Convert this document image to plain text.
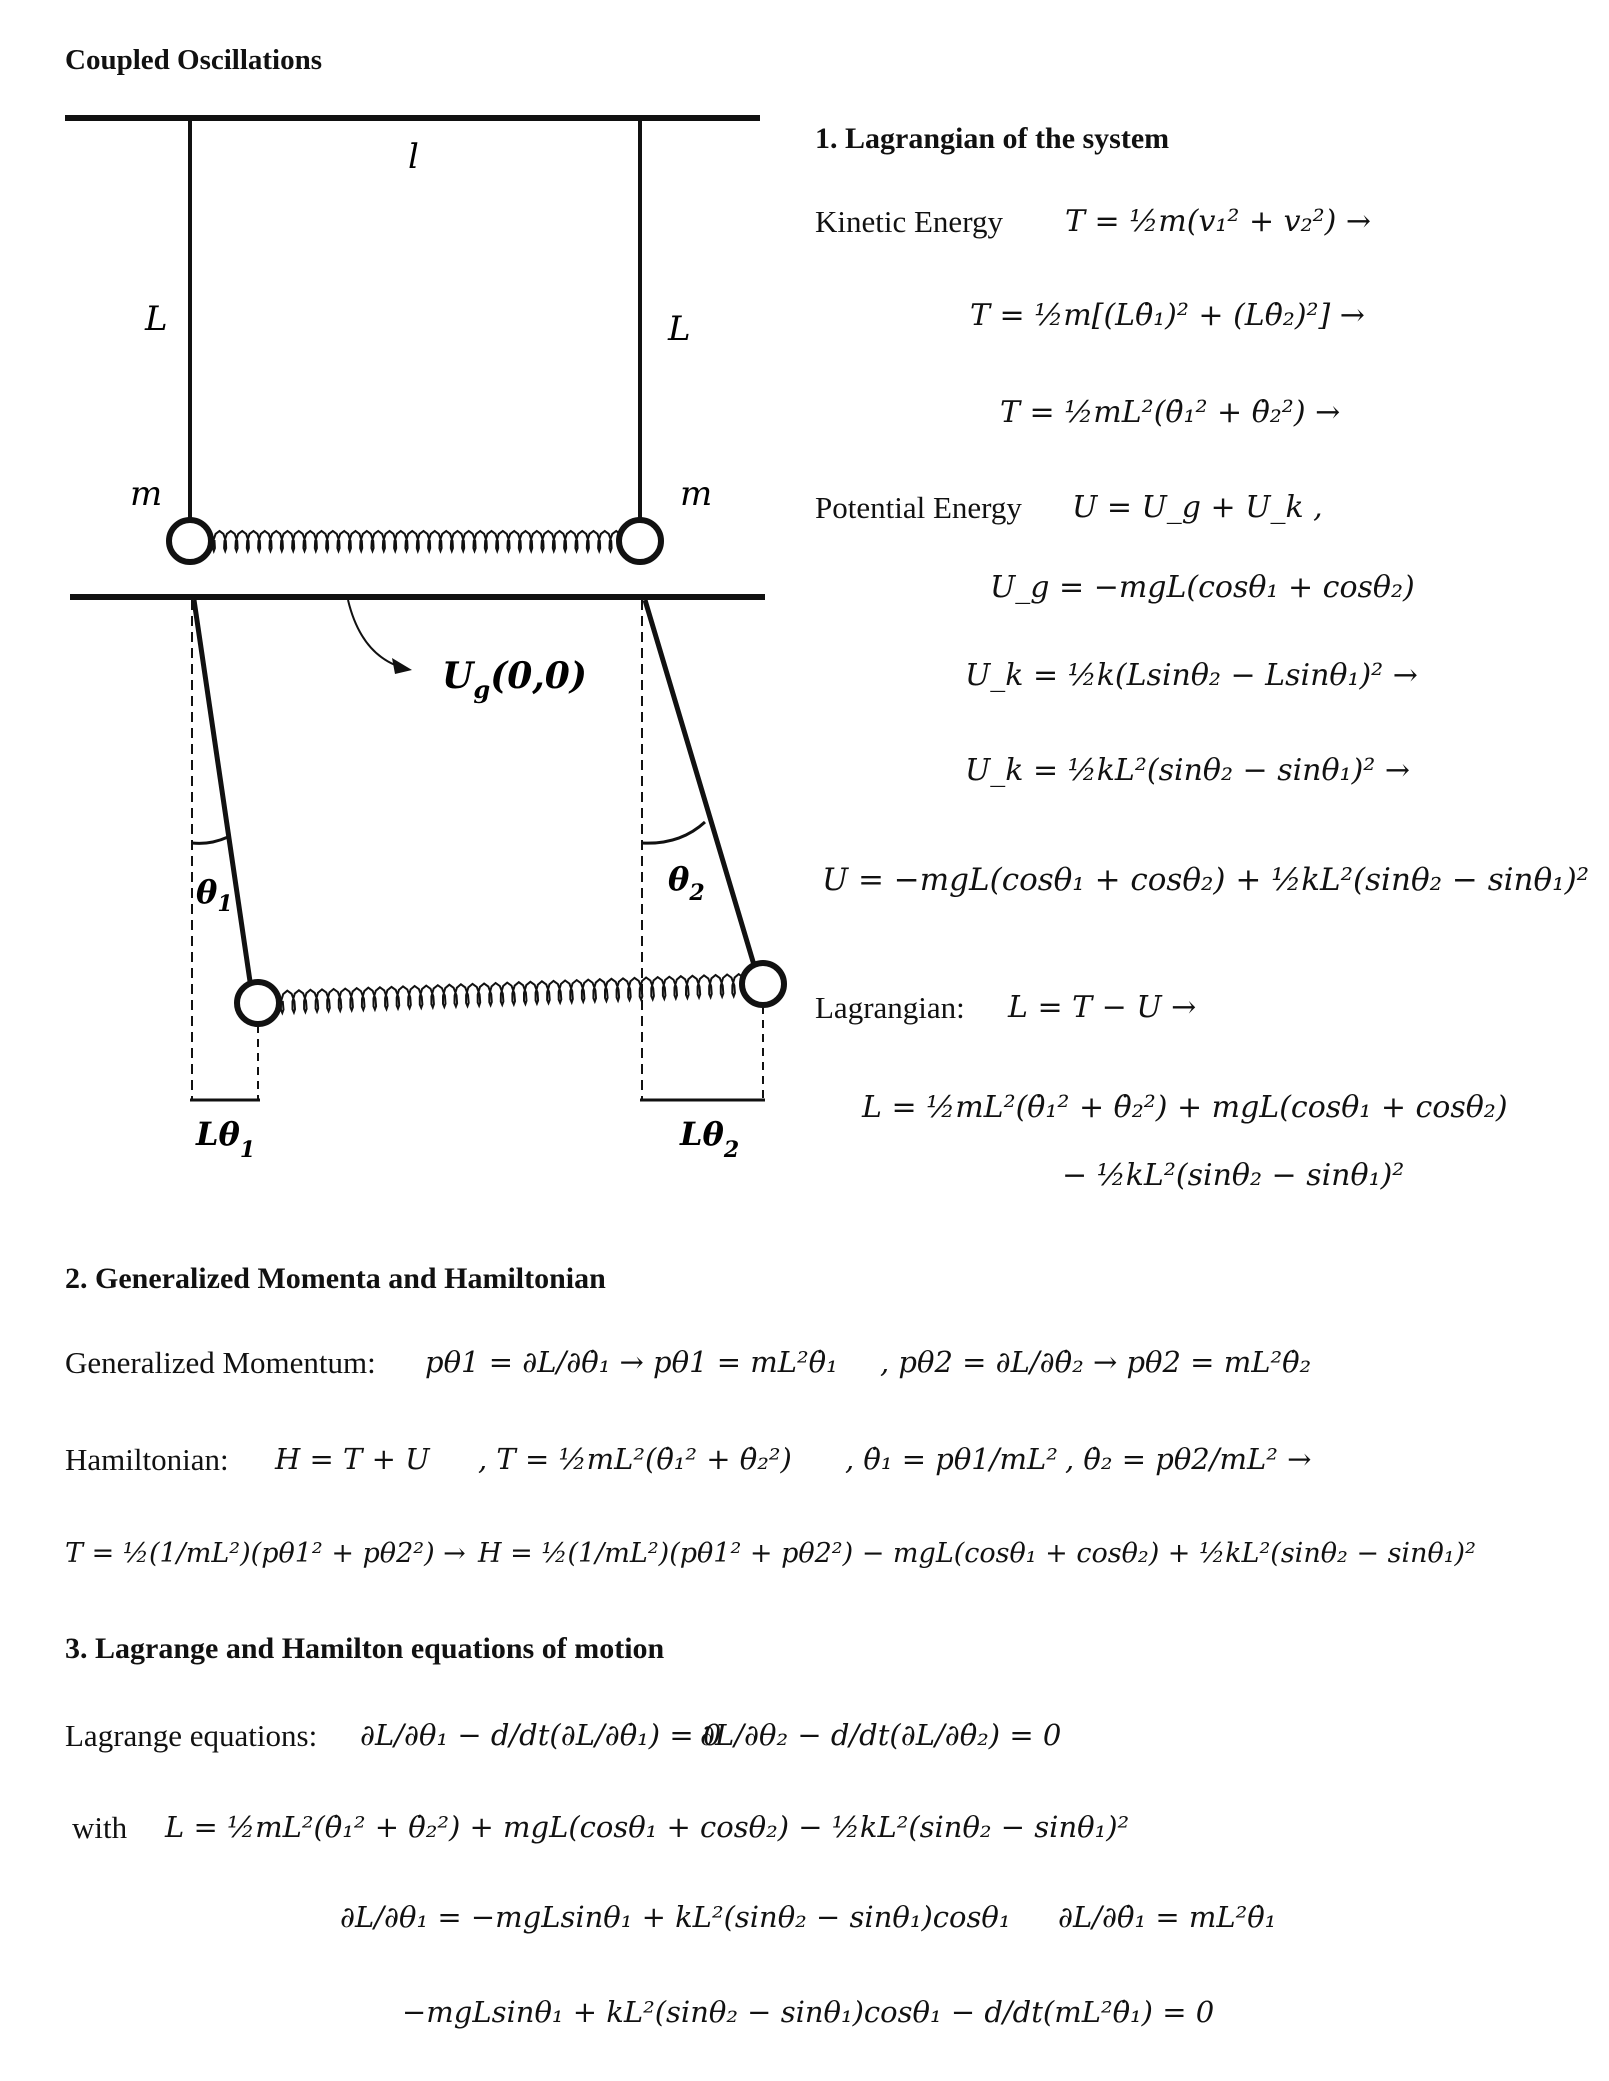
Coupled Oscillations
l
L	L
m	m
$U_g(0,0)$
$\theta_1$
$\theta_2$
$L\theta_1$	$L\theta_2$
1. Lagrangian of the system
Kinetic Energy T = ½m(v₁² + v₂²) →
T = ½m[(Lθ̇₁)² + (Lθ̇₂)²] →
T = ½mL²(θ̇₁² + θ̇₂²) →
Potential Energy U = U_g + U_k ,
U_g = −mgL(cosθ₁ + cosθ₂)
U_k = ½k(Lsinθ₂ − Lsinθ₁)² →
U_k = ½kL²(sinθ₂ − sinθ₁)² →
U = −mgL(cosθ₁ + cosθ₂) + ½kL²(sinθ₂ − sinθ₁)²
Lagrangian: L = T − U →
L = ½mL²(θ̇₁² + θ̇₂²) + mgL(cosθ₁ + cosθ₂)
− ½kL²(sinθ₂ − sinθ₁)²
2. Generalized Momenta and Hamiltonian
Generalized Momentum: pθ1 = ∂L/∂θ̇₁ → pθ1 = mL²θ̇₁ , pθ2 = ∂L/∂θ̇₂ → pθ2 = mL²θ̇₂
Hamiltonian: H = T + U , T = ½mL²(θ̇₁² + θ̇₂²) , θ̇₁ = pθ1/mL² , θ̇₂ = pθ2/mL² →
T = ½(1/mL²)(pθ1² + pθ2²) → H = ½(1/mL²)(pθ1² + pθ2²) − mgL(cosθ₁ + cosθ₂) + ½kL²(sinθ₂ − sinθ₁)²
3. Lagrange and Hamilton equations of motion
Lagrange equations: ∂L/∂θ₁ − d/dt(∂L/∂θ̇₁) = 0
∂L/∂θ₂ − d/dt(∂L/∂θ̇₂) = 0
with L = ½mL²(θ̇₁² + θ̇₂²) + mgL(cosθ₁ + cosθ₂) − ½kL²(sinθ₂ − sinθ₁)²
∂L/∂θ₁ = −mgLsinθ₁ + kL²(sinθ₂ − sinθ₁)cosθ₁ ∂L/∂θ̇₁ = mL²θ̇₁
−mgLsinθ₁ + kL²(sinθ₂ − sinθ₁)cosθ₁ − d/dt(mL²θ̇₁) = 0
